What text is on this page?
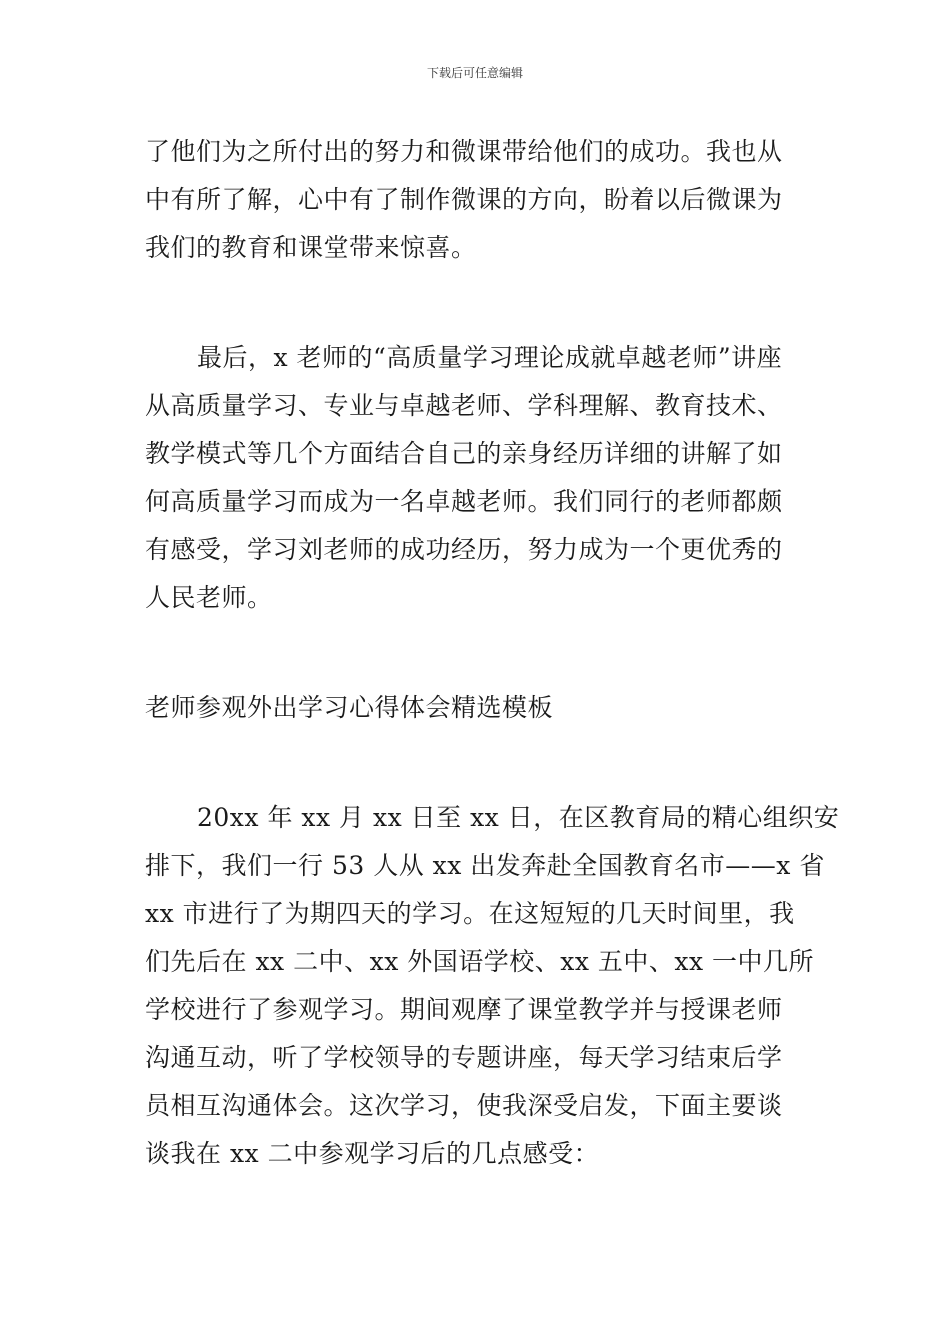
下载后可任意编辑

了他们为之所付出的努力和微课带给他们的成功。我也从
中有所了解，心中有了制作微课的方向，盼着以后微课为
我们的教育和课堂带来惊喜。

最后，x 老师的“高质量学习理论成就卓越老师”讲座
从高质量学习、专业与卓越老师、学科理解、教育技术、
教学模式等几个方面结合自己的亲身经历详细的讲解了如
何高质量学习而成为一名卓越老师。我们同行的老师都颇
有感受，学习刘老师的成功经历，努力成为一个更优秀的
人民老师。

老师参观外出学习心得体会精选模板

20xx 年 xx 月 xx 日至 xx 日，在区教育局的精心组织安
排下，我们一行 53 人从 xx 出发奔赴全国教育名市——x 省
xx 市进行了为期四天的学习。在这短短的几天时间里，我
们先后在 xx 二中、xx 外国语学校、xx 五中、xx 一中几所
学校进行了参观学习。期间观摩了课堂教学并与授课老师
沟通互动，听了学校领导的专题讲座，每天学习结束后学
员相互沟通体会。这次学习，使我深受启发，下面主要谈
谈我在 xx 二中参观学习后的几点感受：
